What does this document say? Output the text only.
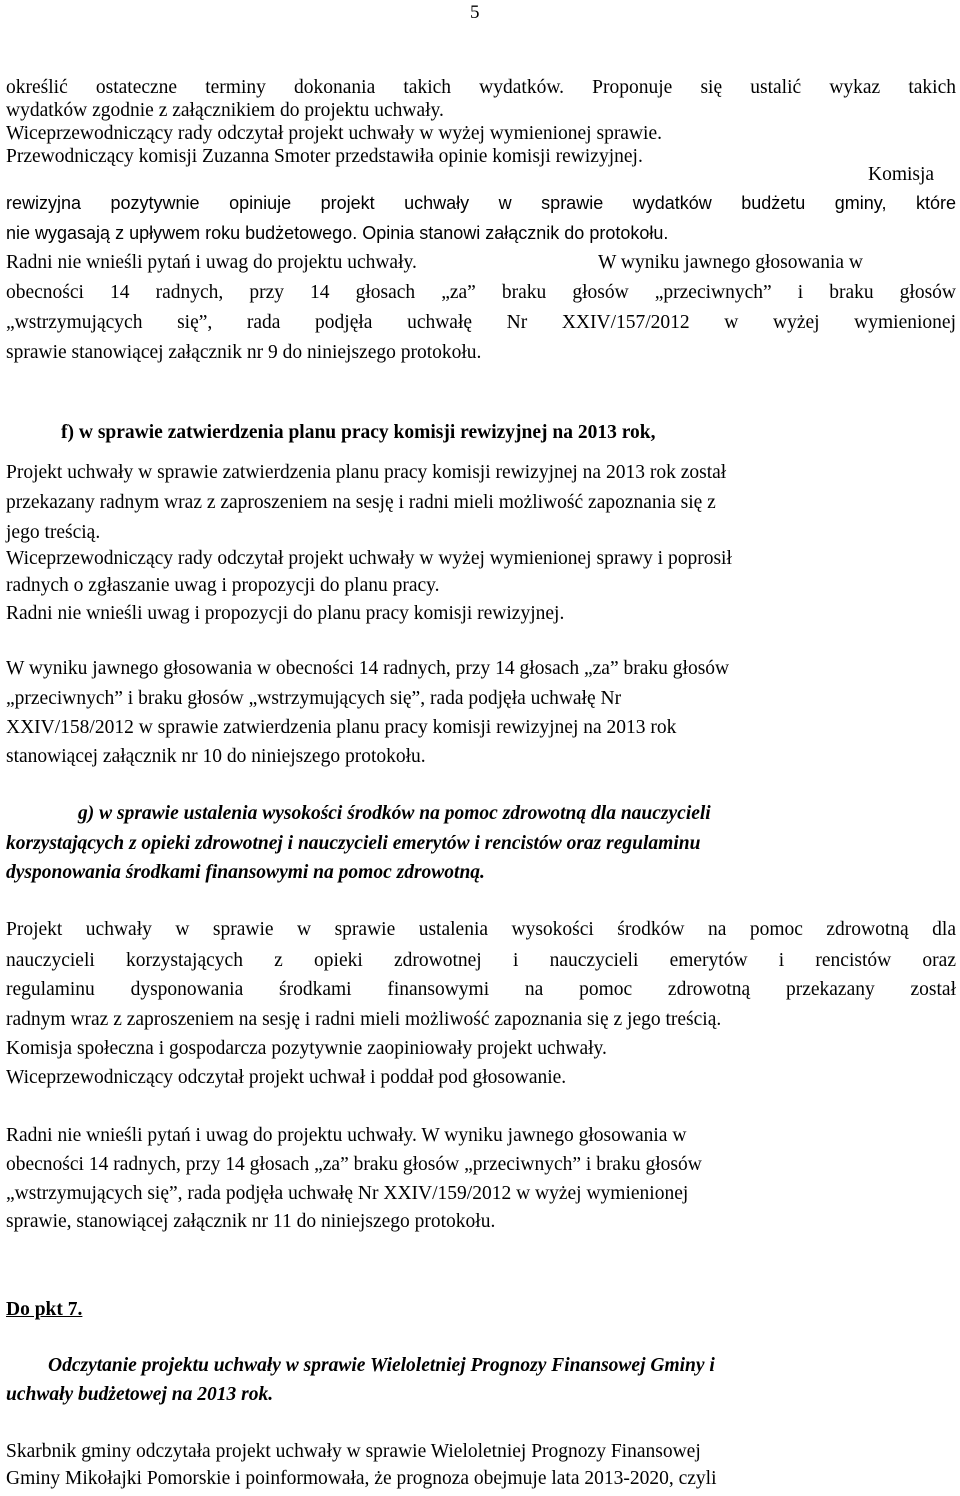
5
określić ostateczne terminy dokonania takich wydatków. Proponuje się ustalić wykaz takich
wydatków zgodnie z załącznikiem do projektu uchwały.
Wiceprzewodniczący rady odczytał projekt uchwały w wyżej wymienionej sprawie.
Przewodniczący komisji Zuzanna Smoter przedstawiła opinie komisji rewizyjnej.
Komisja
rewizyjna pozytywnie opiniuje projekt uchwały w sprawie wydatków budżetu gminy, które
nie wygasają z upływem roku budżetowego. Opinia stanowi załącznik do protokołu.
Radni nie wnieśli pytań i uwag do projektu uchwały.	W wyniku jawnego głosowania w
obecności 14 radnych, przy 14 głosach „za” braku głosów „przeciwnych” i braku głosów
„wstrzymujących się”, rada podjęła uchwałę Nr XXIV/157/2012 w wyżej wymienionej
sprawie stanowiącej załącznik nr 9 do niniejszego protokołu.
f) w sprawie zatwierdzenia planu pracy komisji rewizyjnej na 2013 rok,
Projekt uchwały w sprawie zatwierdzenia planu pracy komisji rewizyjnej na 2013 rok został
przekazany radnym wraz z zaproszeniem na sesję i radni mieli możliwość zapoznania się z
jego treścią.
Wiceprzewodniczący rady odczytał projekt uchwały w wyżej wymienionej sprawy i poprosił
radnych o zgłaszanie uwag i propozycji do planu pracy.
Radni nie wnieśli uwag i propozycji do planu pracy komisji rewizyjnej.
W wyniku jawnego głosowania w obecności 14 radnych, przy 14 głosach „za” braku głosów
„przeciwnych” i braku głosów „wstrzymujących się”, rada podjęła uchwałę Nr
XXIV/158/2012 w sprawie zatwierdzenia planu pracy komisji rewizyjnej na 2013 rok
stanowiącej załącznik nr 10 do niniejszego protokołu.
g) w sprawie ustalenia wysokości środków na pomoc zdrowotną dla nauczycieli
korzystających z opieki zdrowotnej i nauczycieli emerytów i rencistów oraz regulaminu
dysponowania środkami finansowymi na pomoc zdrowotną.
Projekt uchwały w sprawie w sprawie ustalenia wysokości środków na pomoc zdrowotną dla
nauczycieli korzystających z opieki zdrowotnej i nauczycieli emerytów i rencistów oraz
regulaminu dysponowania środkami finansowymi na pomoc zdrowotną przekazany został
radnym wraz z zaproszeniem na sesję i radni mieli możliwość zapoznania się z jego treścią.
Komisja społeczna i gospodarcza pozytywnie zaopiniowały projekt uchwały.
Wiceprzewodniczący odczytał projekt uchwał i poddał pod głosowanie.
Radni nie wnieśli pytań i uwag do projektu uchwały. W wyniku jawnego głosowania w
obecności 14 radnych, przy 14 głosach „za” braku głosów „przeciwnych” i braku głosów
„wstrzymujących się”, rada podjęła uchwałę Nr XXIV/159/2012 w wyżej wymienionej
sprawie, stanowiącej załącznik nr 11 do niniejszego protokołu.
Do pkt 7.
Odczytanie projektu uchwały w sprawie Wieloletniej Prognozy Finansowej Gminy i
uchwały budżetowej na 2013 rok.
Skarbnik gminy odczytała projekt uchwały w sprawie Wieloletniej Prognozy Finansowej
Gminy Mikołajki Pomorskie i poinformowała, że prognoza obejmuje lata 2013-2020, czyli
